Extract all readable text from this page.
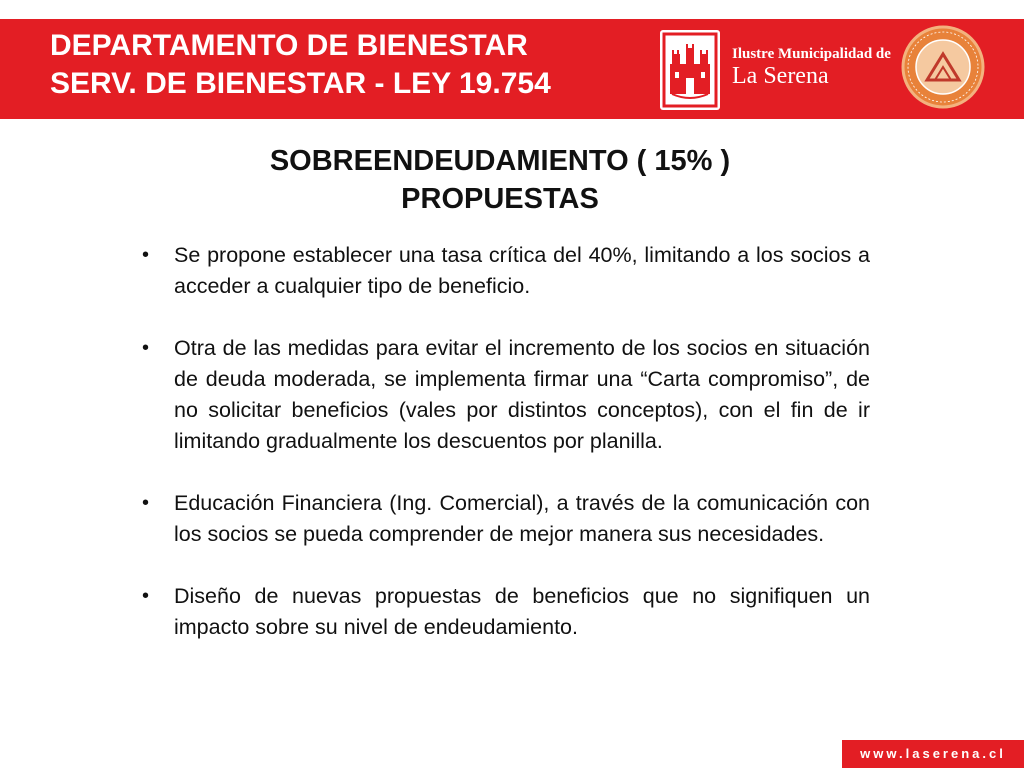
DEPARTAMENTO DE BIENESTAR
SERV. DE BIENESTAR - LEY 19.754
Ilustre Municipalidad de
La Serena
SOBREENDEUDAMIENTO ( 15% )
PROPUESTAS
• Se propone establecer una tasa crítica del 40%, limitando a los socios a acceder a cualquier tipo de beneficio.
• Otra de las medidas para evitar el incremento de los socios en situación de deuda moderada, se implementa firmar una “Carta compromiso”, de no solicitar beneficios (vales por distintos conceptos), con el fin de ir limitando gradualmente los descuentos por planilla.
• Educación Financiera (Ing. Comercial), a través de la comunicación con los socios se pueda comprender de mejor manera sus necesidades.
• Diseño de nuevas propuestas de beneficios que no signifiquen un impacto sobre su nivel de endeudamiento.
www.laserena.cl
